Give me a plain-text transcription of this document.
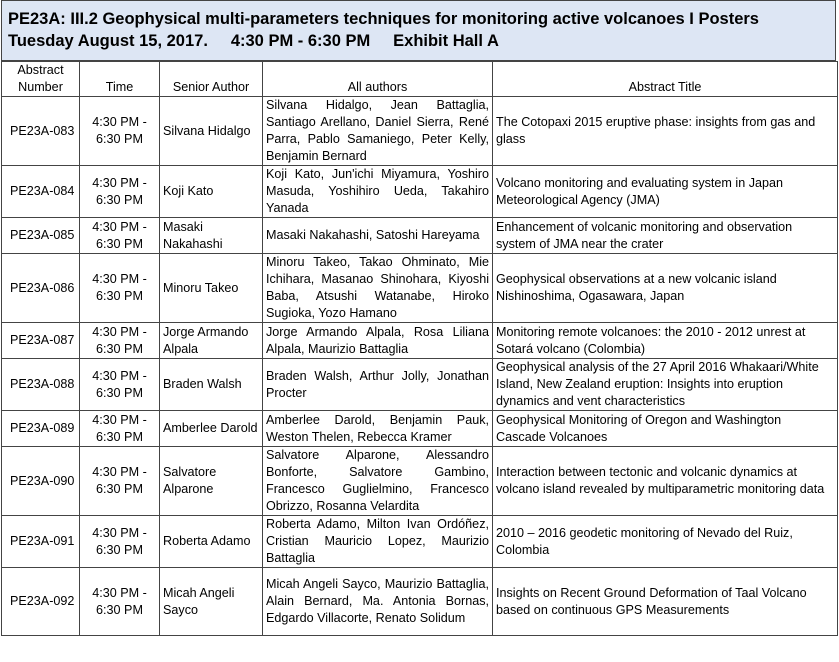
PE23A: III.2 Geophysical multi-parameters techniques for monitoring active volcanoes I Posters
Tuesday August 15, 2017.     4:30 PM - 6:30 PM     Exhibit Hall A
Abstract Number	Time	Senior Author	All authors	Abstract Title
PE23A-083	4:30 PM - 6:30 PM	Silvana Hidalgo	Silvana Hidalgo, Jean Battaglia, Santiago Arellano, Daniel Sierra, René Parra, Pablo Samaniego, Peter Kelly, Benjamin Bernard	The Cotopaxi 2015 eruptive phase: insights from gas and glass
PE23A-084	4:30 PM - 6:30 PM	Koji Kato	Koji Kato, Jun'ichi Miyamura, Yoshiro Masuda, Yoshihiro Ueda, Takahiro Yanada	Volcano monitoring and evaluating system in Japan Meteorological Agency (JMA)
PE23A-085	4:30 PM - 6:30 PM	Masaki Nakahashi	Masaki Nakahashi, Satoshi Hareyama	Enhancement of volcanic monitoring and observation system of JMA near the crater
PE23A-086	4:30 PM - 6:30 PM	Minoru Takeo	Minoru Takeo, Takao Ohminato, Mie Ichihara, Masanao Shinohara, Kiyoshi Baba, Atsushi Watanabe, Hiroko Sugioka, Yozo Hamano	Geophysical observations at a new volcanic island Nishinoshima, Ogasawara, Japan
PE23A-087	4:30 PM - 6:30 PM	Jorge Armando Alpala	Jorge Armando Alpala, Rosa Liliana Alpala, Maurizio Battaglia	Monitoring remote volcanoes: the 2010 - 2012 unrest at Sotará volcano (Colombia)
PE23A-088	4:30 PM - 6:30 PM	Braden Walsh	Braden Walsh, Arthur Jolly, Jonathan Procter	Geophysical analysis of the 27 April 2016 Whakaari/White Island, New Zealand eruption: Insights into eruption dynamics and vent characteristics
PE23A-089	4:30 PM - 6:30 PM	Amberlee Darold	Amberlee Darold, Benjamin Pauk, Weston Thelen, Rebecca Kramer	Geophysical Monitoring of Oregon and Washington Cascade Volcanoes
PE23A-090	4:30 PM - 6:30 PM	Salvatore Alparone	Salvatore Alparone, Alessandro Bonforte, Salvatore Gambino, Francesco Guglielmino, Francesco Obrizzo, Rosanna Velardita	Interaction between tectonic and volcanic dynamics at volcano island revealed by multiparametric monitoring data
PE23A-091	4:30 PM - 6:30 PM	Roberta Adamo	Roberta Adamo, Milton Ivan Ordóñez, Cristian Mauricio Lopez, Maurizio Battaglia	2010 – 2016 geodetic monitoring of Nevado del Ruiz, Colombia
PE23A-092	4:30 PM - 6:30 PM	Micah Angeli Sayco	Micah Angeli Sayco, Maurizio Battaglia, Alain Bernard, Ma. Antonia Bornas, Edgardo Villacorte, Renato Solidum	Insights on Recent Ground Deformation of Taal Volcano based on continuous GPS Measurements
